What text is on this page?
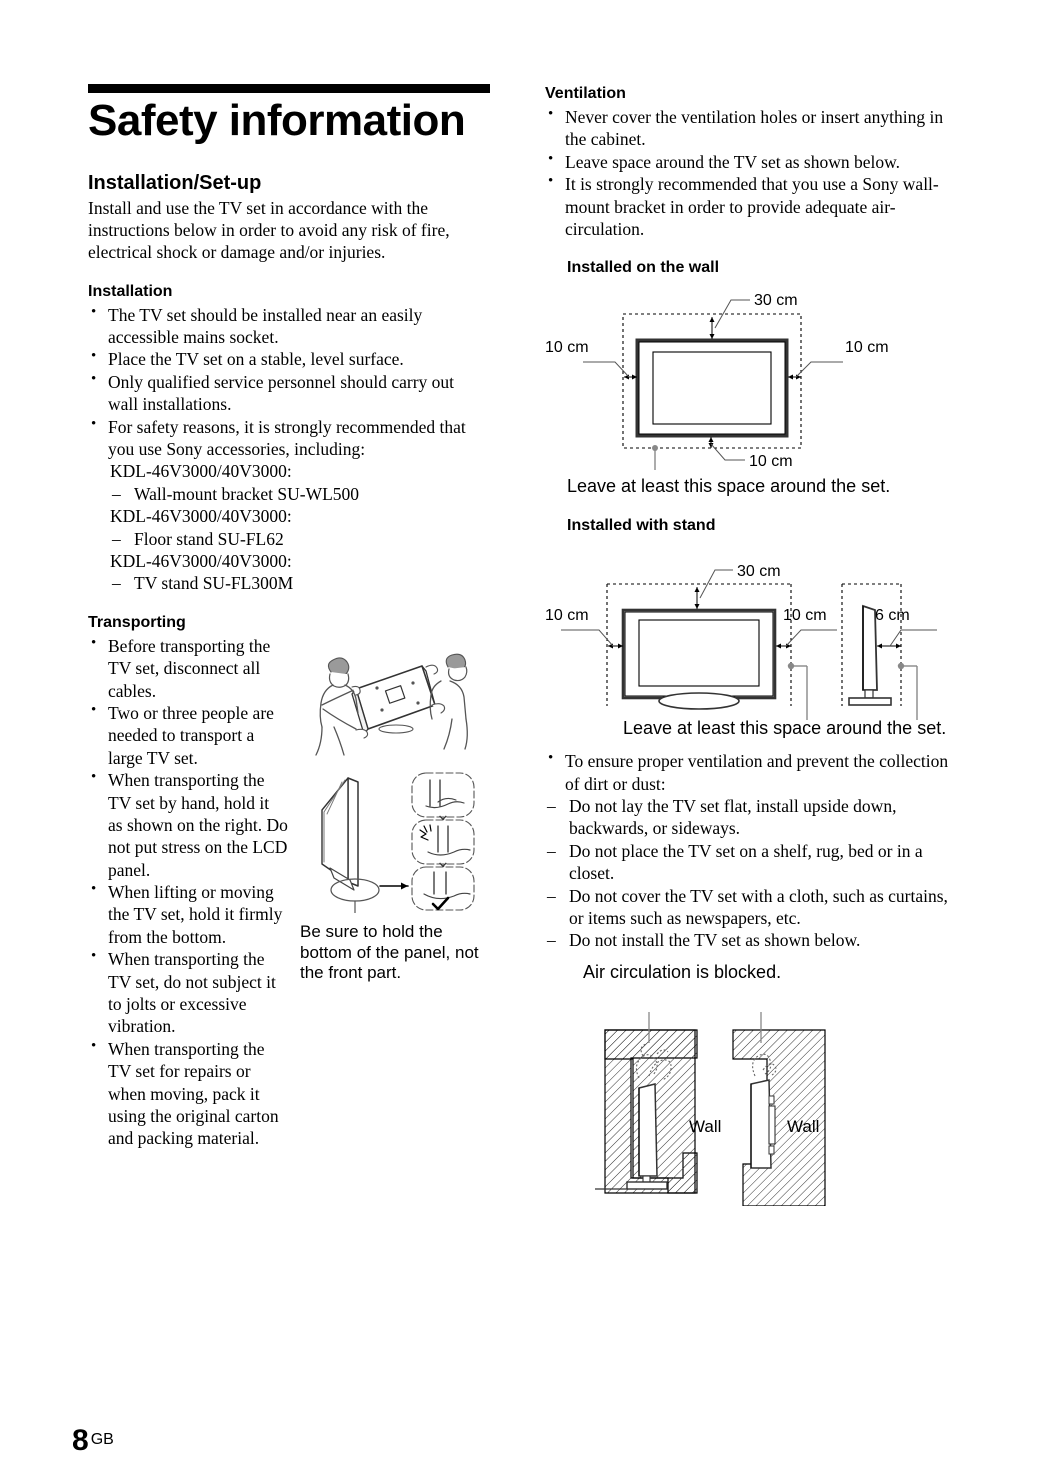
Safety information
Installation/Set-up

Install and use the TV set in accordance with the instructions below in order to avoid any risk of fire, electrical shock or damage and/or injuries.

Installation
• The TV set should be installed near an easily accessible mains socket.
• Place the TV set on a stable, level surface.
• Only qualified service personnel should carry out wall installations.
• For safety reasons, it is strongly recommended that you use Sony accessories, including:
KDL-46V3000/40V3000:
– Wall-mount bracket SU-WL500
KDL-46V3000/40V3000:
– Floor stand SU-FL62
KDL-46V3000/40V3000:
– TV stand SU-FL300M
Transporting
• Before transporting the TV set, disconnect all cables.
• Two or three people are needed to transport a large TV set.
• When transporting the TV set by hand, hold it as shown on the right. Do not put stress on the LCD panel.
• When lifting or moving the TV set, hold it firmly from the bottom.
• When transporting the TV set, do not subject it to jolts or excessive vibration.
• When transporting the TV set for repairs or when moving, pack it using the original carton and packing material.

Be sure to hold the bottom of the panel, not the front part.
Ventilation
• Never cover the ventilation holes or insert anything in the cabinet.
• Leave space around the TV set as shown below.
• It is strongly recommended that you use a Sony wall-mount bracket in order to provide adequate air-circulation.
Installed on the wall
30 cm
10 cm	10 cm
10 cm
Leave at least this space around the set.
Installed with stand
30 cm
10 cm	10 cm	6 cm
Leave at least this space around the set.
• To ensure proper ventilation and prevent the collection of dirt or dust:
– Do not lay the TV set flat, install upside down, backwards, or sideways.
– Do not place the TV set on a shelf, rug, bed or in a closet.
– Do not cover the TV set with a cloth, such as curtains, or items such as newspapers, etc.
– Do not install the TV set as shown below.
Air circulation is blocked.
Wall	Wall
8 GB
